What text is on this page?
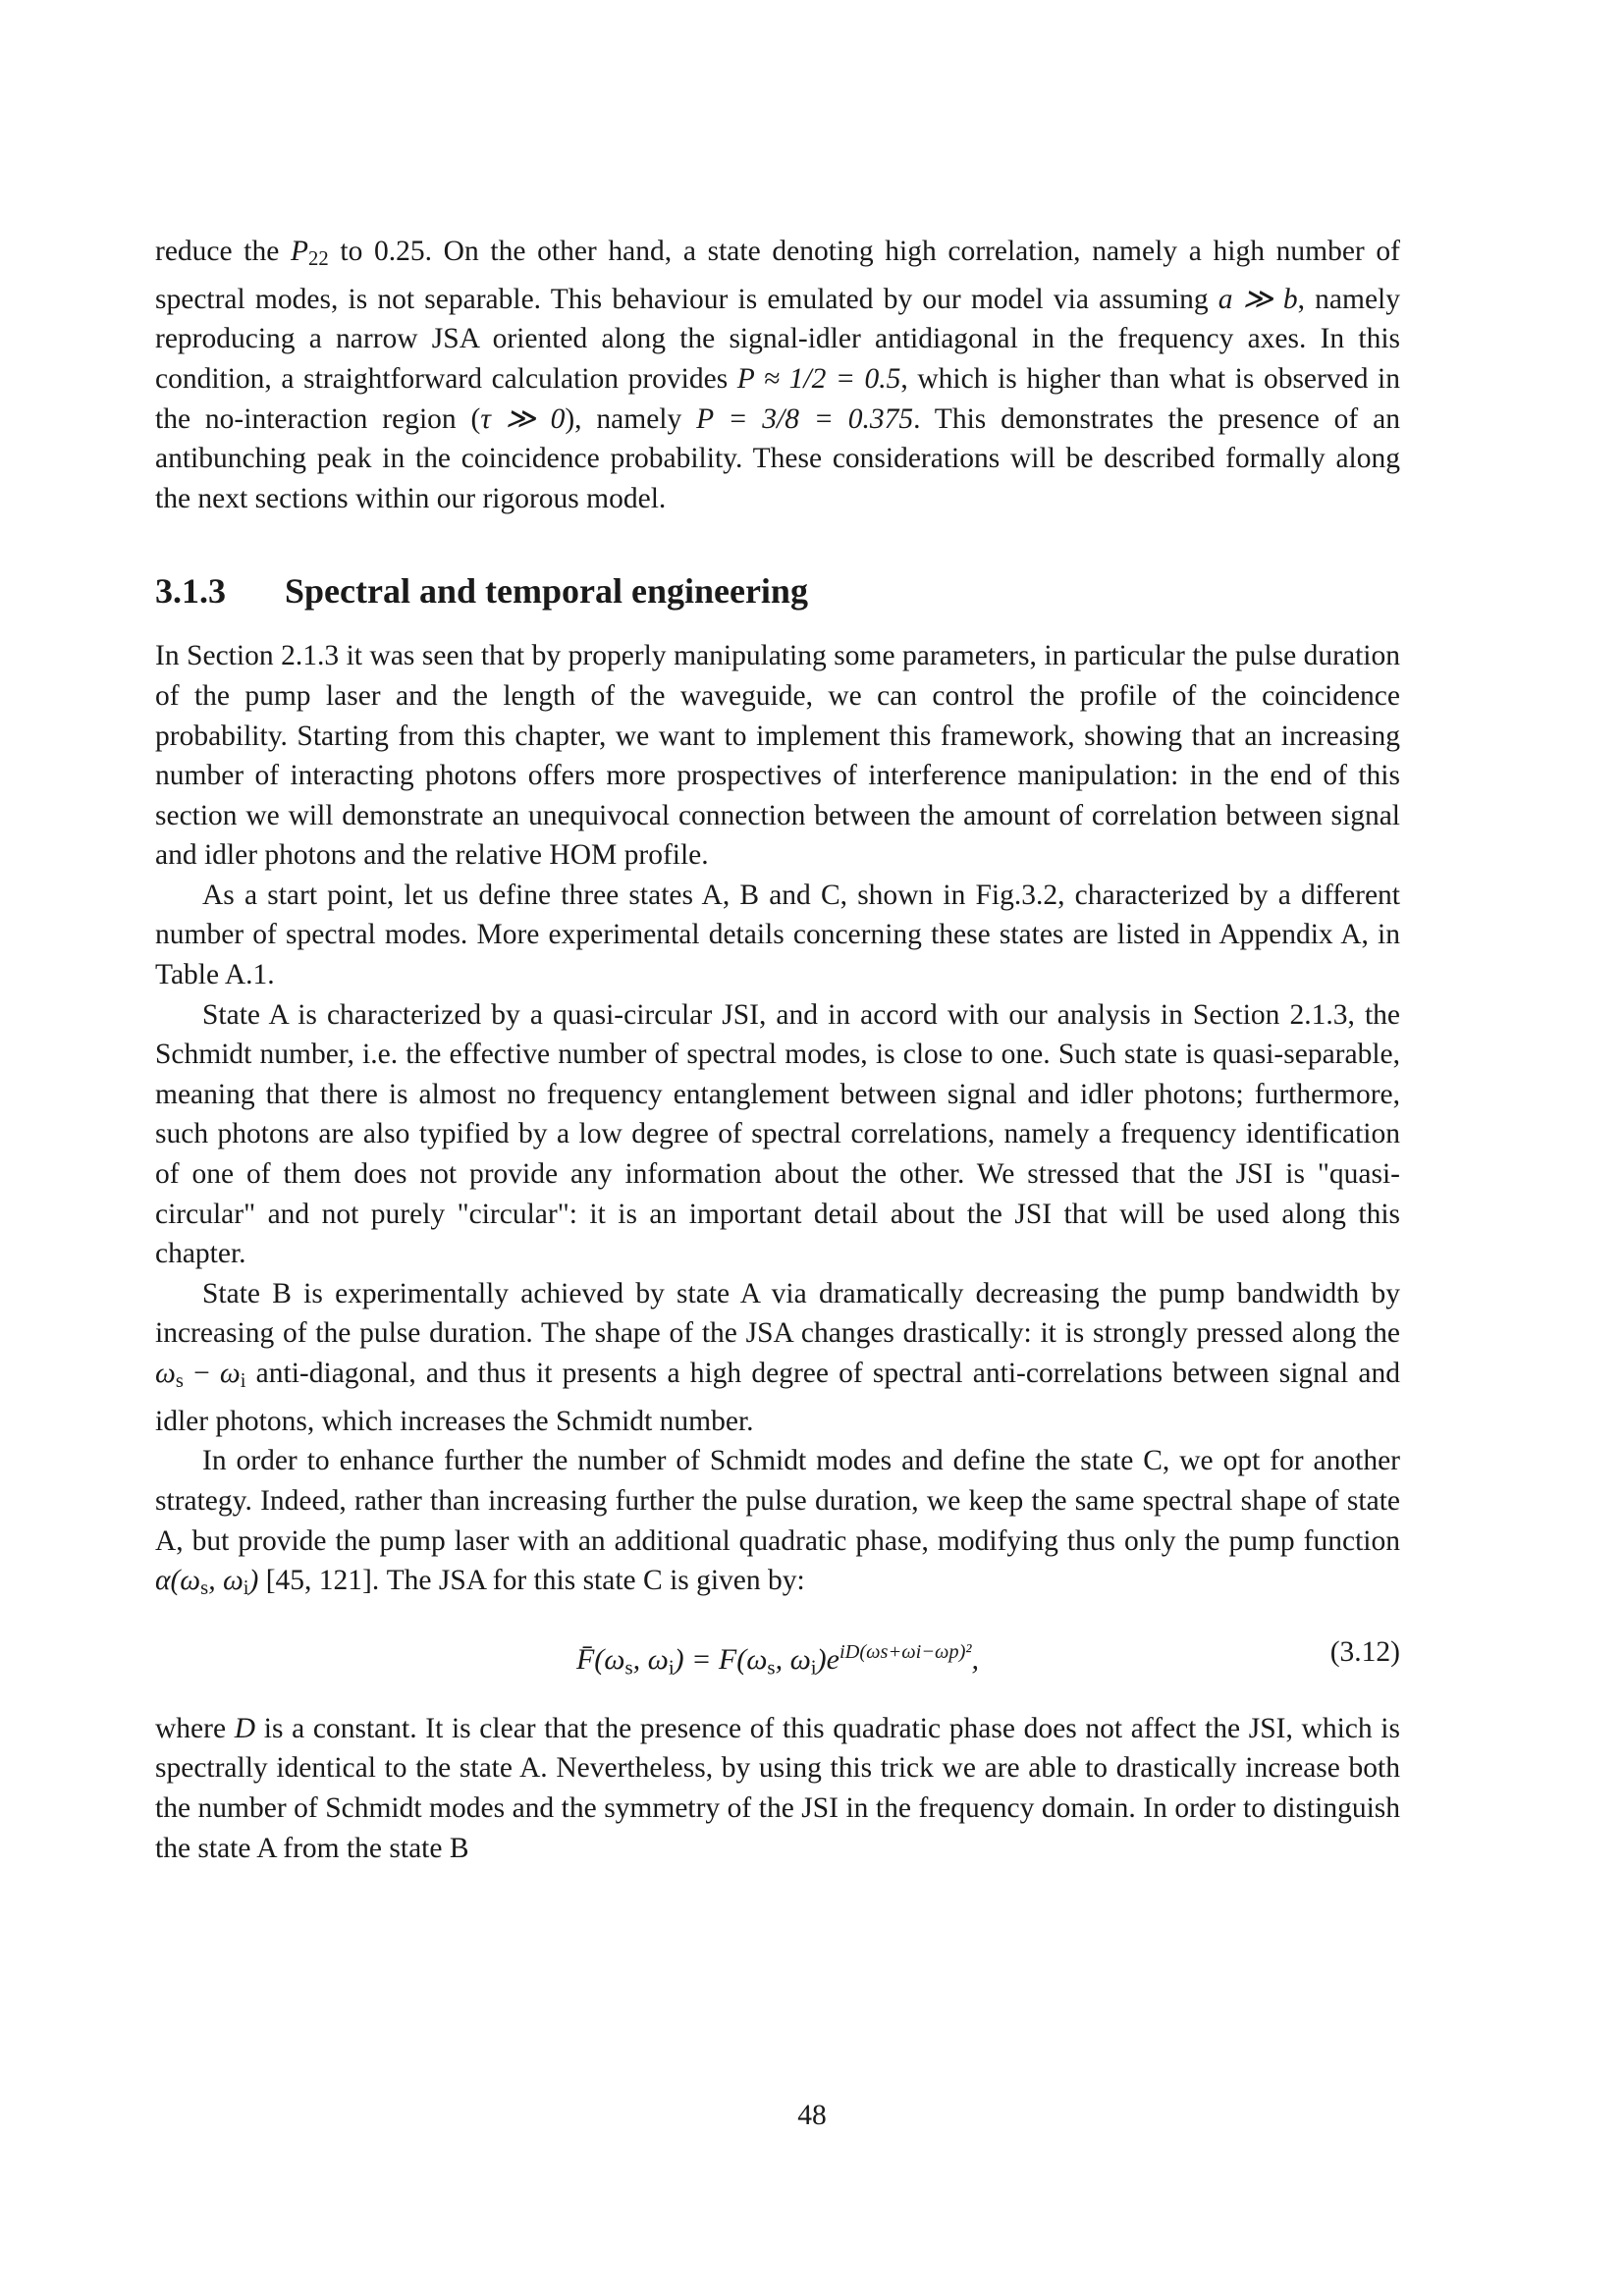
reduce the $P_{22}$ to 0.25. On the other hand, a state denoting high correlation, namely a high number of spectral modes, is not separable. This behaviour is emulated by our model via assuming a ≫ b, namely reproducing a narrow JSA oriented along the signal-idler antidiagonal in the frequency axes. In this condition, a straightforward calculation provides P ≈ 1/2 = 0.5, which is higher than what is observed in the no-interaction region (τ ≫ 0), namely P = 3/8 = 0.375. This demonstrates the presence of an antibunching peak in the coincidence probability. These considerations will be described formally along the next sections within our rigorous model.

3.1.3 Spectral and temporal engineering

In Section 2.1.3 it was seen that by properly manipulating some parameters, in particular the pulse duration of the pump laser and the length of the waveguide, we can control the profile of the coincidence probability. Starting from this chapter, we want to implement this framework, showing that an increasing number of interacting photons offers more prospectives of interference manipulation: in the end of this section we will demonstrate an unequivocal connection between the amount of correlation between signal and idler photons and the relative HOM profile.

As a start point, let us define three states A, B and C, shown in Fig.3.2, characterized by a different number of spectral modes. More experimental details concerning these states are listed in Appendix A, in Table A.1.

State A is characterized by a quasi-circular JSI, and in accord with our analysis in Section 2.1.3, the Schmidt number, i.e. the effective number of spectral modes, is close to one. Such state is quasi-separable, meaning that there is almost no frequency entanglement between signal and idler photons; furthermore, such photons are also typified by a low degree of spectral correlations, namely a frequency identification of one of them does not provide any information about the other. We stressed that the JSI is "quasi-circular" and not purely "circular": it is an important detail about the JSI that will be used along this chapter.

State B is experimentally achieved by state A via dramatically decreasing the pump bandwidth by increasing of the pulse duration. The shape of the JSA changes drastically: it is strongly pressed along the $\omega_s - \omega_i$ anti-diagonal, and thus it presents a high degree of spectral anti-correlations between signal and idler photons, which increases the Schmidt number.

In order to enhance further the number of Schmidt modes and define the state C, we opt for another strategy. Indeed, rather than increasing further the pulse duration, we keep the same spectral shape of state A, but provide the pump laser with an additional quadratic phase, modifying thus only the pump function $\alpha(\omega_s$, $\omega_i$) [45, 121]. The JSA for this state C is given by:

$F̄(\omega_s$, $\omega_i) = F(\omega_s$, $\omega_i)e^{iD(\omega s+\omega i-\omega p)^2}$,	(3.12)

where D is a constant. It is clear that the presence of this quadratic phase does not affect the JSI, which is spectrally identical to the state A. Nevertheless, by using this trick we are able to drastically increase both the number of Schmidt modes and the symmetry of the JSI in the frequency domain. In order to distinguish the state A from the state B

48
